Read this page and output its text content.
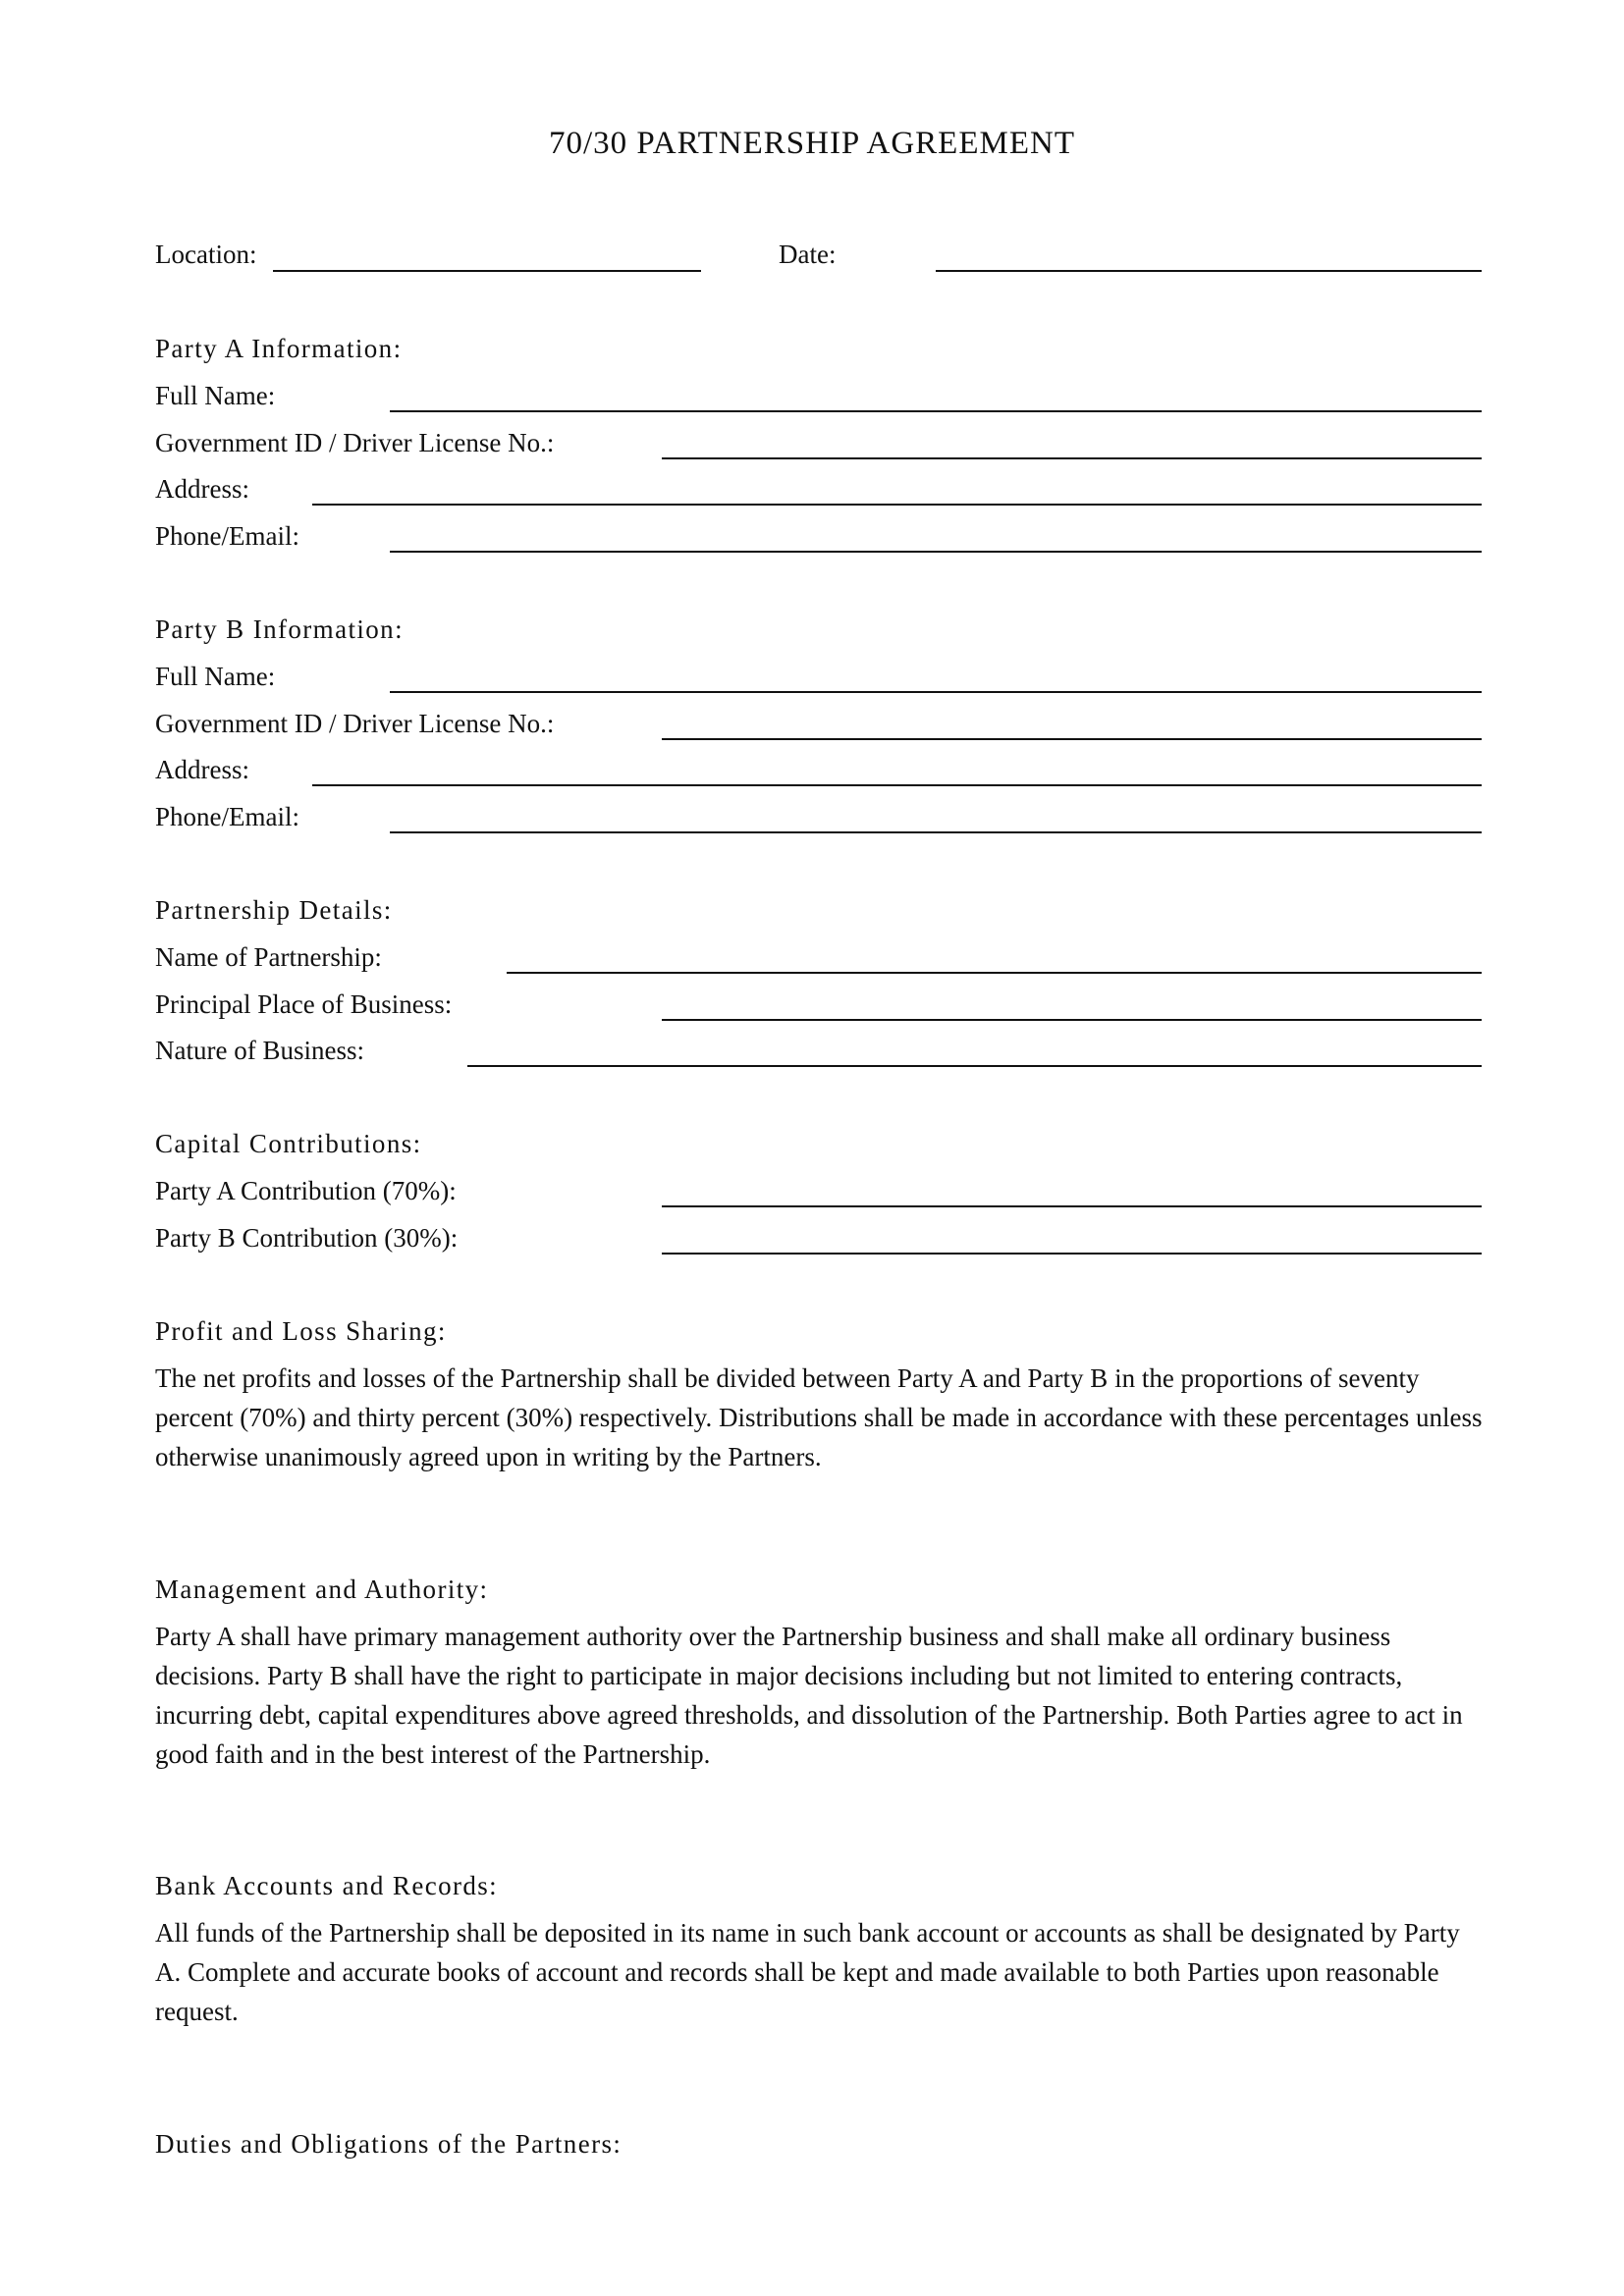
70/30 PARTNERSHIP AGREEMENT
Location:	Date:
Party A Information:
Full Name:
Government ID / Driver License No.:
Address:
Phone/Email:
Party B Information:
Full Name:
Government ID / Driver License No.:
Address:
Phone/Email:
Partnership Details:
Name of Partnership:
Principal Place of Business:
Nature of Business:
Capital Contributions:
Party A Contribution (70%):
Party B Contribution (30%):
Profit and Loss Sharing:
The net profits and losses of the Partnership shall be divided between Party A and Party B in the proportions of seventy percent (70%) and thirty percent (30%) respectively. Distributions shall be made in accordance with these percentages unless otherwise unanimously agreed upon in writing by the Partners.
Management and Authority:
Party A shall have primary management authority over the Partnership business and shall make all ordinary business decisions. Party B shall have the right to participate in major decisions including but not limited to entering contracts, incurring debt, capital expenditures above agreed thresholds, and dissolution of the Partnership. Both Parties agree to act in good faith and in the best interest of the Partnership.
Bank Accounts and Records:
All funds of the Partnership shall be deposited in its name in such bank account or accounts as shall be designated by Party A. Complete and accurate books of account and records shall be kept and made available to both Parties upon reasonable request.
Duties and Obligations of the Partners:
